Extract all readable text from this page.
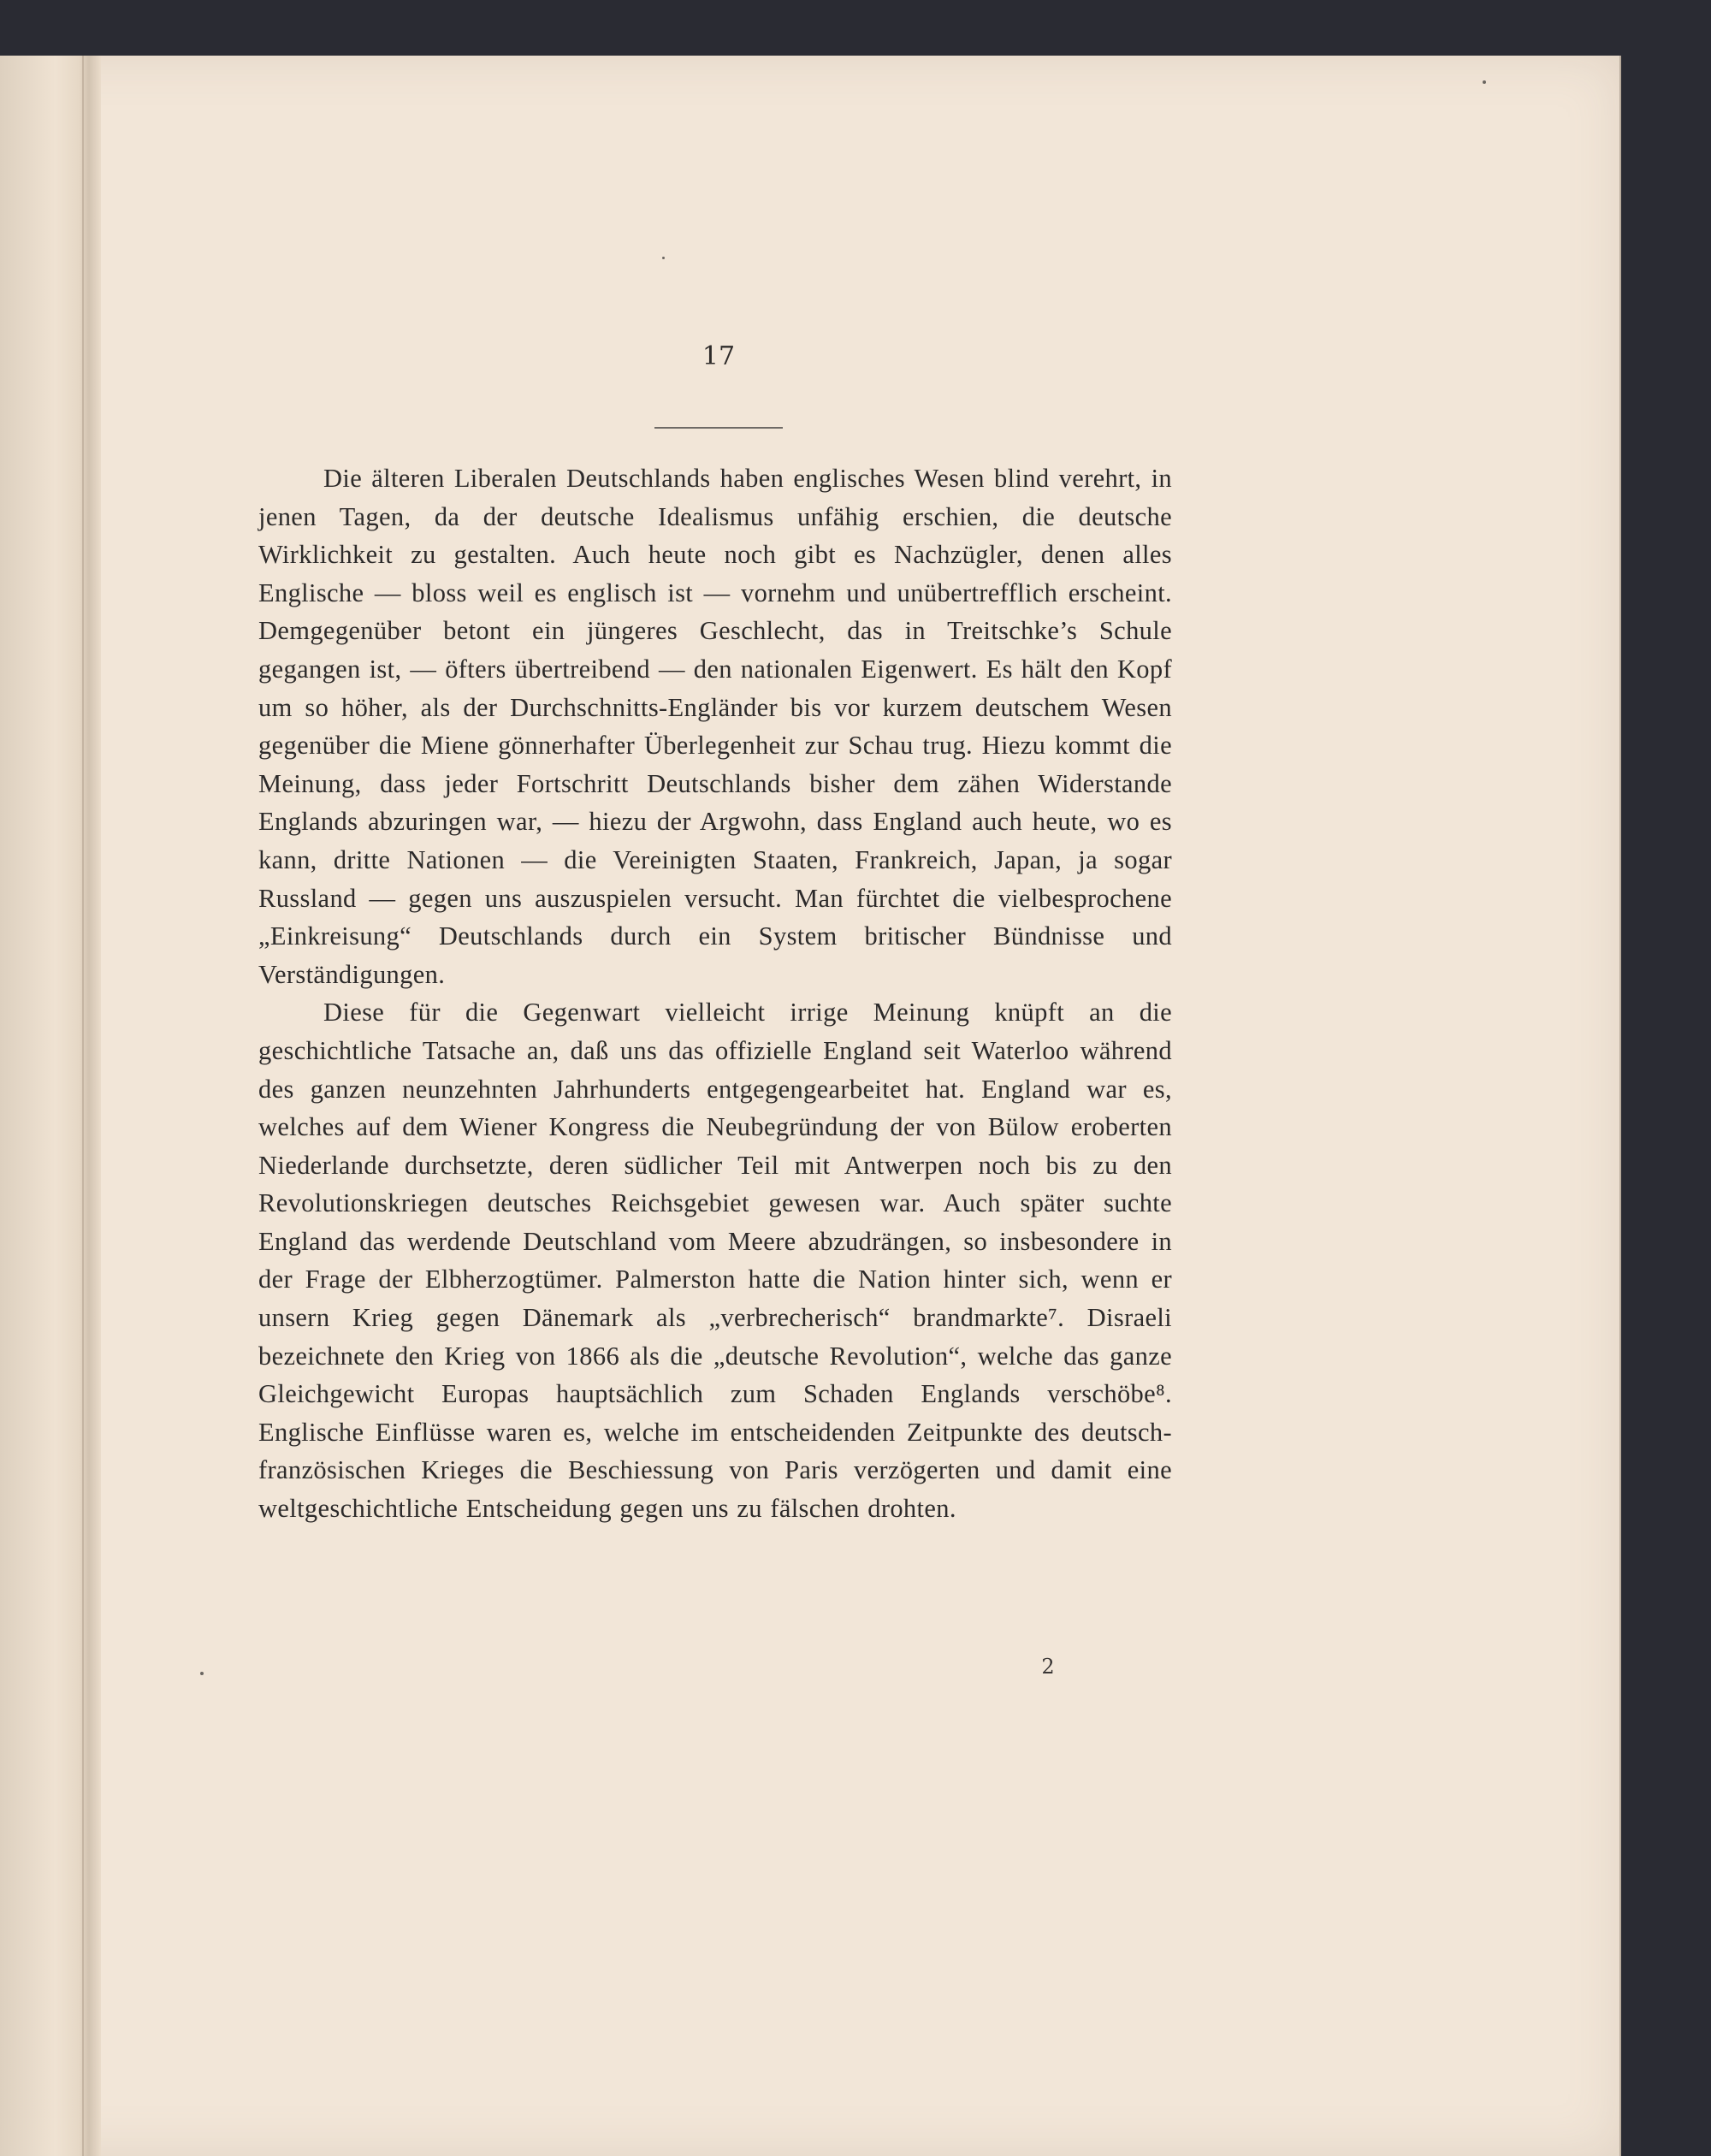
17

Die älteren Liberalen Deutschlands haben englisches Wesen blind verehrt, in jenen Tagen, da der deutsche Idealismus unfähig erschien, die deutsche Wirklichkeit zu gestalten. Auch heute noch gibt es Nachzügler, denen alles Englische — bloss weil es englisch ist — vornehm und unübertrefflich erscheint. Demgegenüber betont ein jüngeres Geschlecht, das in Treitschke’s Schule gegangen ist, — öfters übertreibend — den nationalen Eigenwert. Es hält den Kopf um so höher, als der Durchschnitts-Engländer bis vor kurzem deutschem Wesen gegenüber die Miene gönnerhafter Überlegenheit zur Schau trug. Hiezu kommt die Meinung, dass jeder Fortschritt Deutschlands bisher dem zähen Widerstande Englands abzuringen war, — hiezu der Argwohn, dass England auch heute, wo es kann, dritte Nationen — die Vereinigten Staaten, Frankreich, Japan, ja sogar Russland — gegen uns auszuspielen versucht. Man fürchtet die vielbesprochene „Einkreisung“ Deutschlands durch ein System britischer Bündnisse und Verständigungen.

Diese für die Gegenwart vielleicht irrige Meinung knüpft an die geschichtliche Tatsache an, daß uns das offizielle England seit Waterloo während des ganzen neunzehnten Jahrhunderts entgegengearbeitet hat. England war es, welches auf dem Wiener Kongress die Neubegründung der von Bülow eroberten Niederlande durchsetzte, deren südlicher Teil mit Antwerpen noch bis zu den Revolutionskriegen deutsches Reichsgebiet gewesen war. Auch später suchte England das werdende Deutschland vom Meere abzudrängen, so insbesondere in der Frage der Elbherzogtümer. Palmerston hatte die Nation hinter sich, wenn er unsern Krieg gegen Dänemark als „verbrecherisch“ brandmarkte⁷. Disraeli bezeichnete den Krieg von 1866 als die „deutsche Revolution“, welche das ganze Gleichgewicht Europas hauptsächlich zum Schaden Englands verschöbe⁸. Englische Einflüsse waren es, welche im entscheidenden Zeitpunkte des deutsch-französischen Krieges die Beschiessung von Paris verzögerten und damit eine weltgeschichtliche Entscheidung gegen uns zu fälschen drohten.

2
